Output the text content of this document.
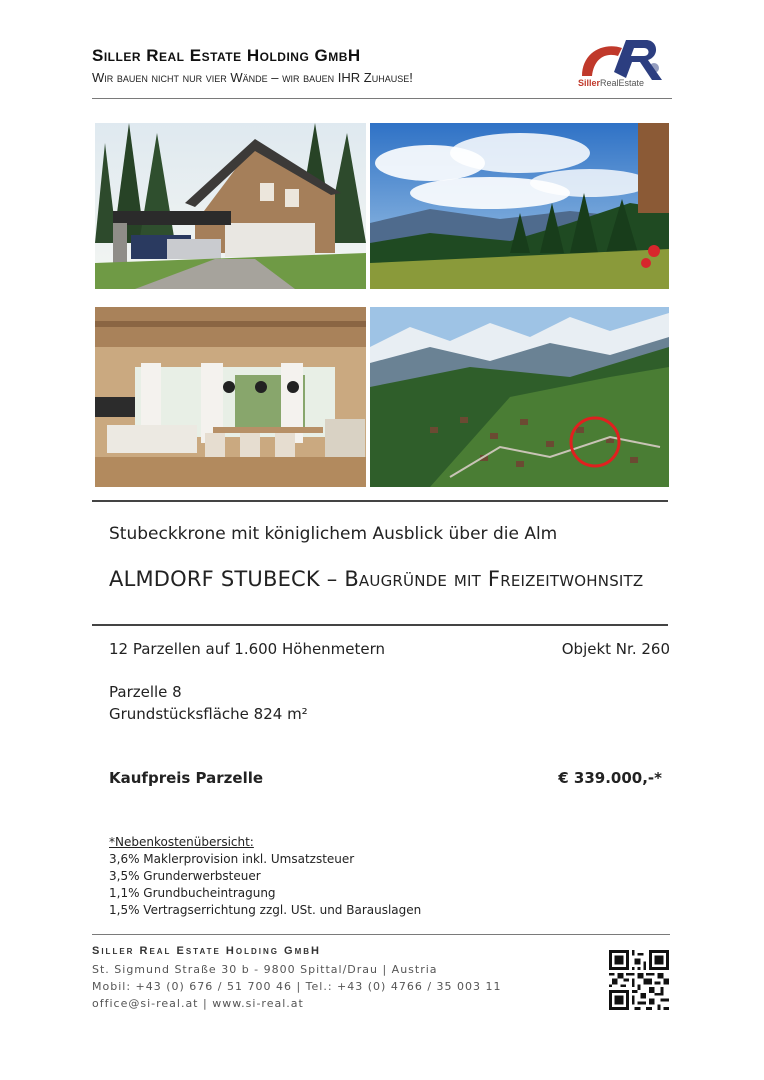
Siller Real Estate Holding GmbH
Wir bauen nicht nur vier Wände – wir bauen IHR Zuhause!	SillerRealEstate
Stubeckkrone mit königlichem Ausblick über die Alm
ALMDORF STUBECK – Baugründe mit Freizeitwohnsitz
12 Parzellen auf 1.600 Höhenmetern	Objekt Nr. 260
Parzelle 8
Grundstücksfläche 824 m²
Kaufpreis Parzelle	€ 339.000,-*
*Nebenkostenübersicht:
3,6% Maklerprovision inkl. Umsatzsteuer
3,5% Grunderwerbsteuer
1,1% Grundbucheintragung
1,5% Vertragserrichtung zzgl. USt. und Barauslagen
Siller Real Estate Holding GmbH
St. Sigmund Straße 30 b - 9800 Spittal/Drau | Austria
Mobil: +43 (0) 676 / 51 700 46 | Tel.: +43 (0) 4766 / 35 003 11
office@si-real.at | www.si-real.at
